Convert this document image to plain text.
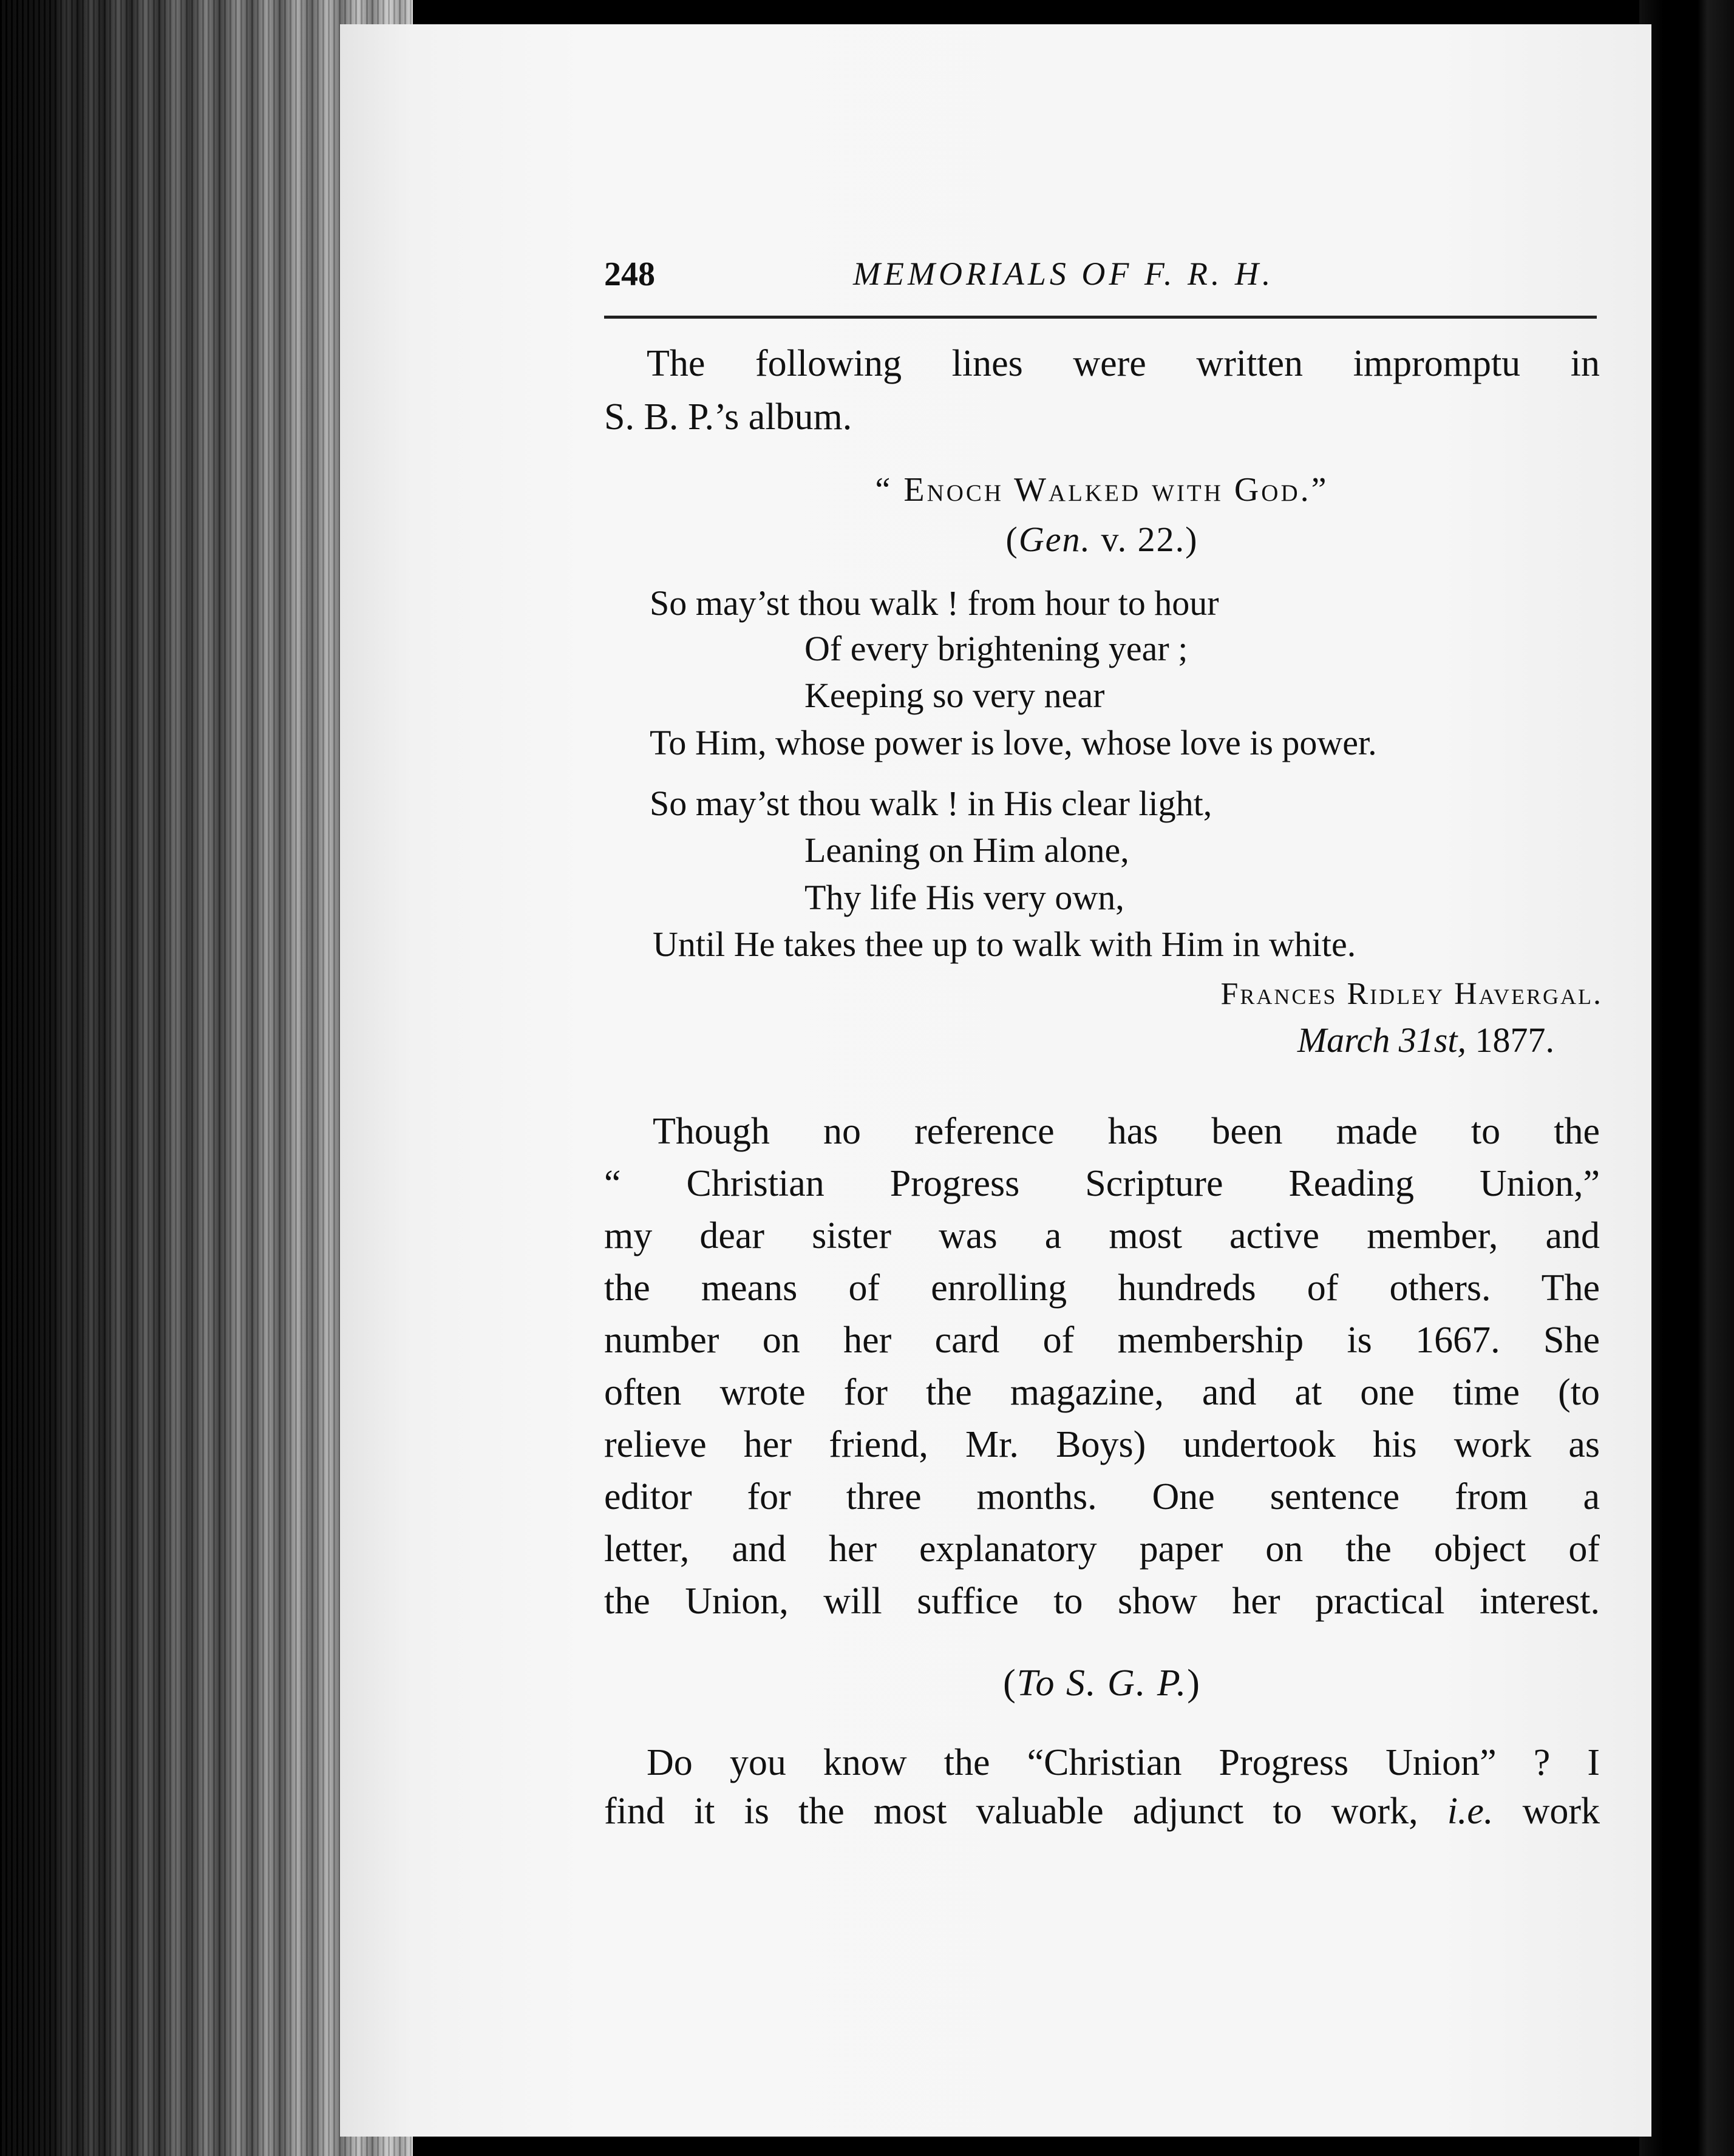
248	MEMORIALS OF F. R. H.

The following lines were written impromptu in

S. B. P.’s album.

“ Enoch Walked with God.”
(Gen. v. 22.)
So may’st thou walk ! from hour to hour
Of every brightening year ;
Keeping so very near
To Him, whose power is love, whose love is power.
So may’st thou walk ! in His clear light,
Leaning on Him alone,
Thy life His very own,
Until He takes thee up to walk with Him in white.
Frances Ridley Havergal.
March 31st, 1877.

Though no reference has been made to the

“ Christian Progress Scripture Reading Union,”

my dear sister was a most active member, and

the means of enrolling hundreds of others. The

number on her card of membership is 1667. She

often wrote for the magazine, and at one time (to

relieve her friend, Mr. Boys) undertook his work as

editor for three months. One sentence from a

letter, and her explanatory paper on the object of

the Union, will suffice to show her practical interest.

(To S. G. P.)

Do you know the “Christian Progress Union” ? I

find it is the most valuable adjunct to work, i.e. work
